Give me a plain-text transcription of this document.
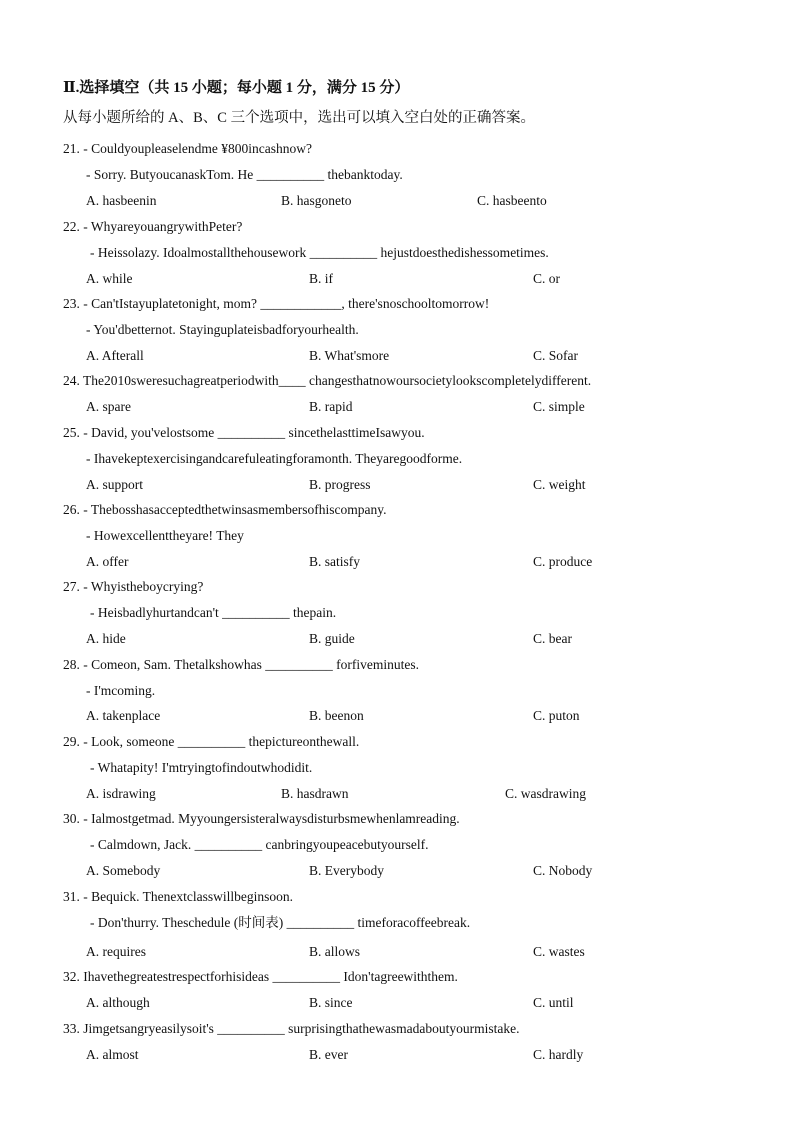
Ⅱ.选择填空（共 15 小题；每小题 1 分，满分 15 分）
从每小题所给的 A、B、C 三个选项中，选出可以填入空白处的正确答案。
21. - Couldyoupleaselendme ¥800incashnow?
- Sorry. ButyoucanaskTom. He __________ thebanktoday.
A. hasbeenin	B. hasgoneto	C. hasbeento
22. - WhyareyouangrywithPeter?
- Heissolazy. Idoalmostallthehousework __________ hejustdoesthedishessometimes.
A. while	B. if	C. or
23. - Can'tIstayuplatetonight, mom? ____________, there'snoschooltomorrow!
- You'dbetternot. Stayinguplateisbadforyourhealth.
A. Afterall	B. What'smore	C. Sofar
24. The2010sweresuchagreatperiodwith____ changesthatnowoursocietylookscompletelydifferent.
A. spare	B. rapid	C. simple
25. - David, you'velostsome __________ sincethelasttimeIsawyou.
- Ihavekeptexercisingandcarefuleatingforamonth. Theyaregoodforme.
A. support	B. progress	C. weight
26. - Thebosshasacceptedthetwinsasmembersofhiscompany.
- Howexcellenttheyare! They
A. offer	B. satisfy	C. produce
27. - Whyistheboycrying?
- Heisbadlyhurtandcan't __________ thepain.
A. hide	B. guide	C. bear
28. - Comeon, Sam. Thetalkshowhas __________ forfiveminutes.
- I'mcoming.
A. takenplace	B. beenon	C. puton
29. - Look, someone __________ thepictureonthewall.
- Whatapity! I'mtryingtofindoutwhodidit.
A. isdrawing	B. hasdrawn	C. wasdrawing
30. - Ialmostgetmad. Myyoungersisteralwaysdisturbsmewhenlamreading.
- Calmdown, Jack. __________ canbringyoupeacebutyourself.
A. Somebody	B. Everybody	C. Nobody
31. - Bequick. Thenextclasswillbeginsoon.
- Don'thurry. Theschedule (时间表) __________ timeforacoffeebreak.
A. requires	B. allows	C. wastes
32. Ihavethegreatestrespectforhisideas __________ Idon'tagreewiththem.
A. although	B. since	C. until
33. Jimgetsangryeasilysoit's __________ surprisingthathewasmadaboutyourmistake.
A. almost	B. ever	C. hardly
